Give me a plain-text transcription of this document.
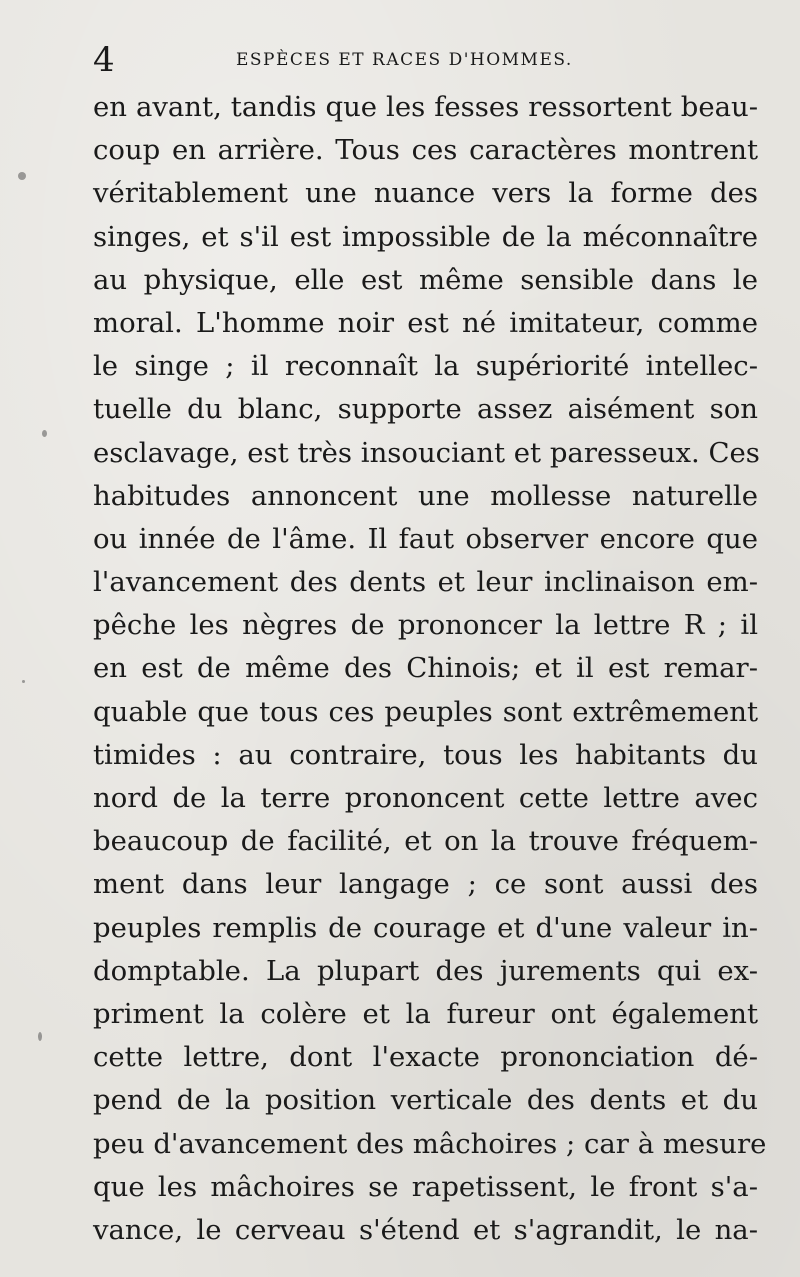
4	ESPÈCES ET RACES D'HOMMES.
en avant, tandis que les fesses ressortent beau-
coup en arrière. Tous ces caractères montrent
véritablement une nuance vers la forme des
singes, et s'il est impossible de la méconnaître
au physique, elle est même sensible dans le
moral. L'homme noir est né imitateur, comme
le singe ; il reconnaît la supériorité intellec-
tuelle du blanc, supporte assez aisément son
esclavage, est très insouciant et paresseux. Ces
habitudes annoncent une mollesse naturelle
ou innée de l'âme. Il faut observer encore que
l'avancement des dents et leur inclinaison em-
pêche les nègres de prononcer la lettre R ; il
en est de même des Chinois; et il est remar-
quable que tous ces peuples sont extrêmement
timides : au contraire, tous les habitants du
nord de la terre prononcent cette lettre avec
beaucoup de facilité, et on la trouve fréquem-
ment dans leur langage ; ce sont aussi des
peuples remplis de courage et d'une valeur in-
domptable. La plupart des jurements qui ex-
priment la colère et la fureur ont également
cette lettre, dont l'exacte prononciation dé-
pend de la position verticale des dents et du
peu d'avancement des mâchoires ; car à mesure
que les mâchoires se rapetissent, le front s'a-
vance, le cerveau s'étend et s'agrandit, le na-
